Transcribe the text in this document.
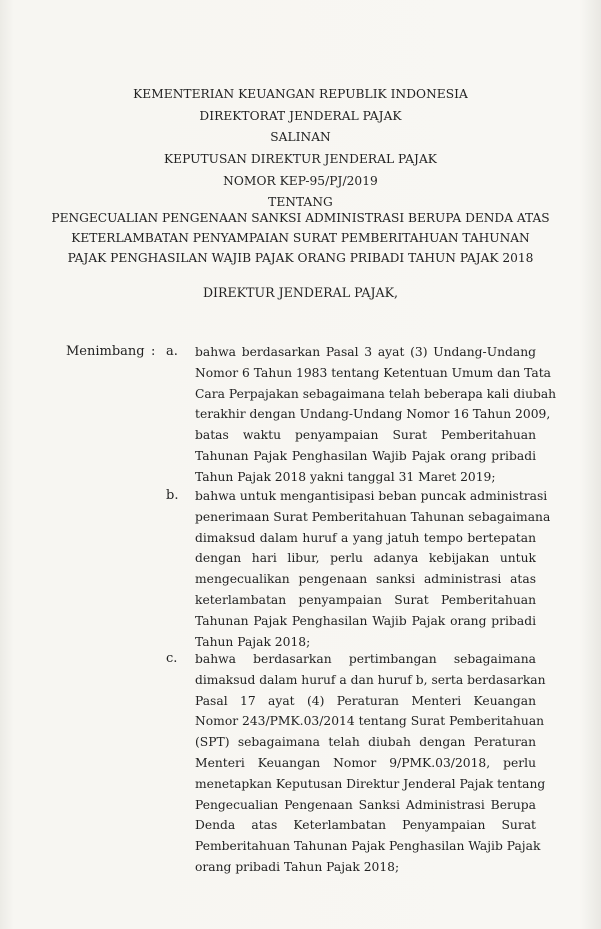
KEMENTERIAN KEUANGAN REPUBLIK INDONESIA
DIREKTORAT JENDERAL PAJAK
SALINAN
KEPUTUSAN DIREKTUR JENDERAL PAJAK
NOMOR KEP-95/PJ/2019
TENTANG
PENGECUALIAN PENGENAAN SANKSI ADMINISTRASI BERUPA DENDA ATAS
KETERLAMBATAN PENYAMPAIAN SURAT PEMBERITAHUAN TAHUNAN
PAJAK PENGHASILAN WAJIB PAJAK ORANG PRIBADI TAHUN PAJAK 2018
DIREKTUR JENDERAL PAJAK,
Menimbang : a. bahwa berdasarkan Pasal 3 ayat (3) Undang-Undang
Nomor 6 Tahun 1983 tentang Ketentuan Umum dan Tata
Cara Perpajakan sebagaimana telah beberapa kali diubah
terakhir dengan Undang-Undang Nomor 16 Tahun 2009,
batas waktu penyampaian Surat Pemberitahuan
Tahunan Pajak Penghasilan Wajib Pajak orang pribadi
Tahun Pajak 2018 yakni tanggal 31 Maret 2019;
b. bahwa untuk mengantisipasi beban puncak administrasi
penerimaan Surat Pemberitahuan Tahunan sebagaimana
dimaksud dalam huruf a yang jatuh tempo bertepatan
dengan hari libur, perlu adanya kebijakan untuk
mengecualikan pengenaan sanksi administrasi atas
keterlambatan penyampaian Surat Pemberitahuan
Tahunan Pajak Penghasilan Wajib Pajak orang pribadi
Tahun Pajak 2018;
c. bahwa berdasarkan pertimbangan sebagaimana
dimaksud dalam huruf a dan huruf b, serta berdasarkan
Pasal 17 ayat (4) Peraturan Menteri Keuangan
Nomor 243/PMK.03/2014 tentang Surat Pemberitahuan
(SPT) sebagaimana telah diubah dengan Peraturan
Menteri Keuangan Nomor 9/PMK.03/2018, perlu
menetapkan Keputusan Direktur Jenderal Pajak tentang
Pengecualian Pengenaan Sanksi Administrasi Berupa
Denda atas Keterlambatan Penyampaian Surat
Pemberitahuan Tahunan Pajak Penghasilan Wajib Pajak
orang pribadi Tahun Pajak 2018;
